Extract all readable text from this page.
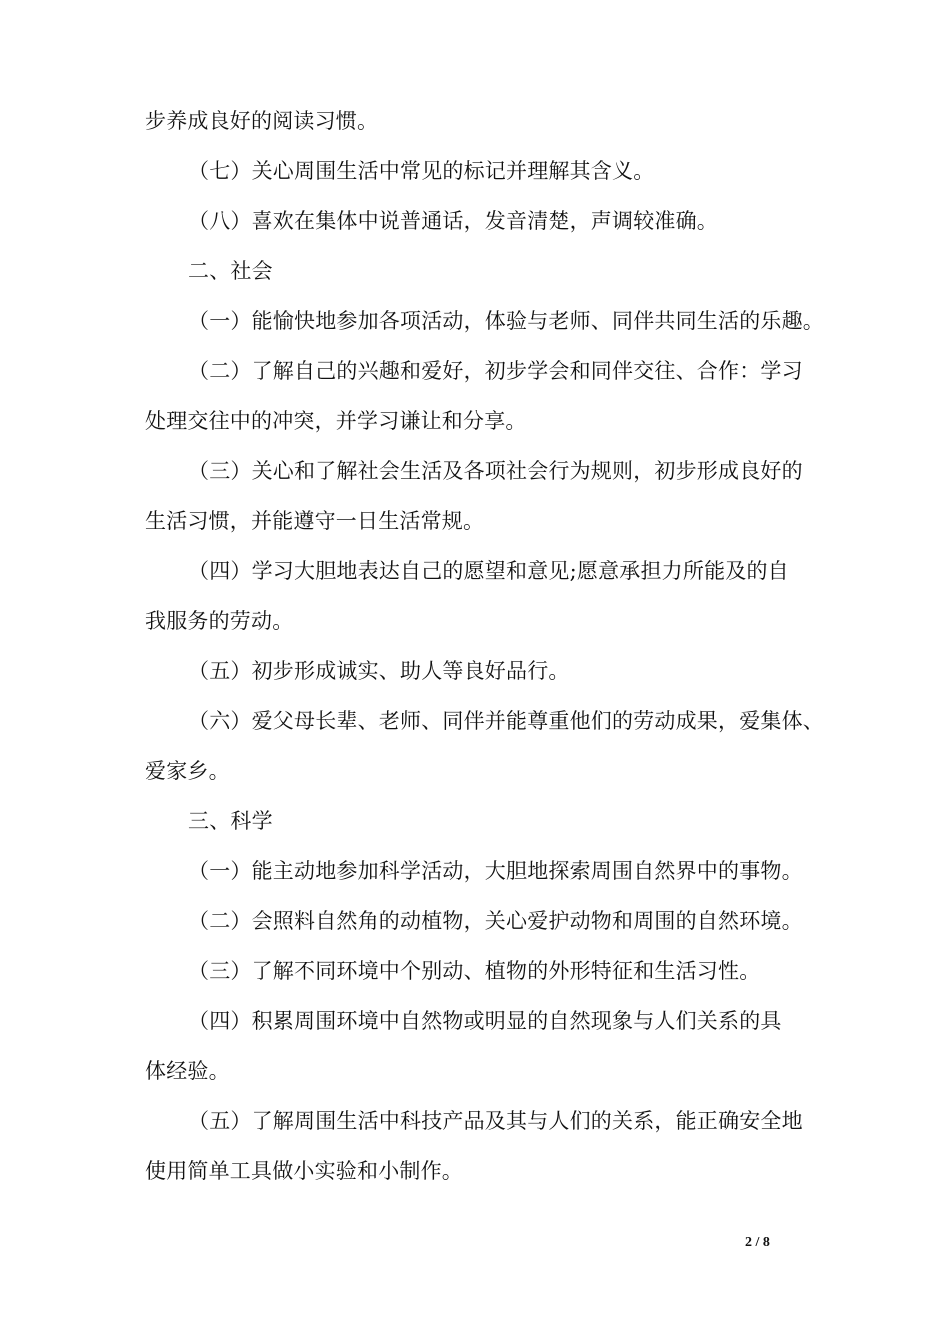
步养成良好的阅读习惯。
（七）关心周围生活中常见的标记并理解其含义。
（八）喜欢在集体中说普通话，发音清楚，声调较准确。
二、社会
（一）能愉快地参加各项活动，体验与老师、同伴共同生活的乐趣。
（二）了解自己的兴趣和爱好，初步学会和同伴交往、合作：学习
处理交往中的冲突，并学习谦让和分享。
（三）关心和了解社会生活及各项社会行为规则，初步形成良好的
生活习惯，并能遵守一日生活常规。
（四）学习大胆地表达自己的愿望和意见;愿意承担力所能及的自
我服务的劳动。
（五）初步形成诚实、助人等良好品行。
（六）爱父母长辈、老师、同伴并能尊重他们的劳动成果，爱集体、
爱家乡。
三、科学
（一）能主动地参加科学活动，大胆地探索周围自然界中的事物。
（二）会照料自然角的动植物，关心爱护动物和周围的自然环境。
（三）了解不同环境中个别动、植物的外形特征和生活习性。
（四）积累周围环境中自然物或明显的自然现象与人们关系的具
体经验。
（五）了解周围生活中科技产品及其与人们的关系，能正确安全地
使用简单工具做小实验和小制作。
2 / 8
